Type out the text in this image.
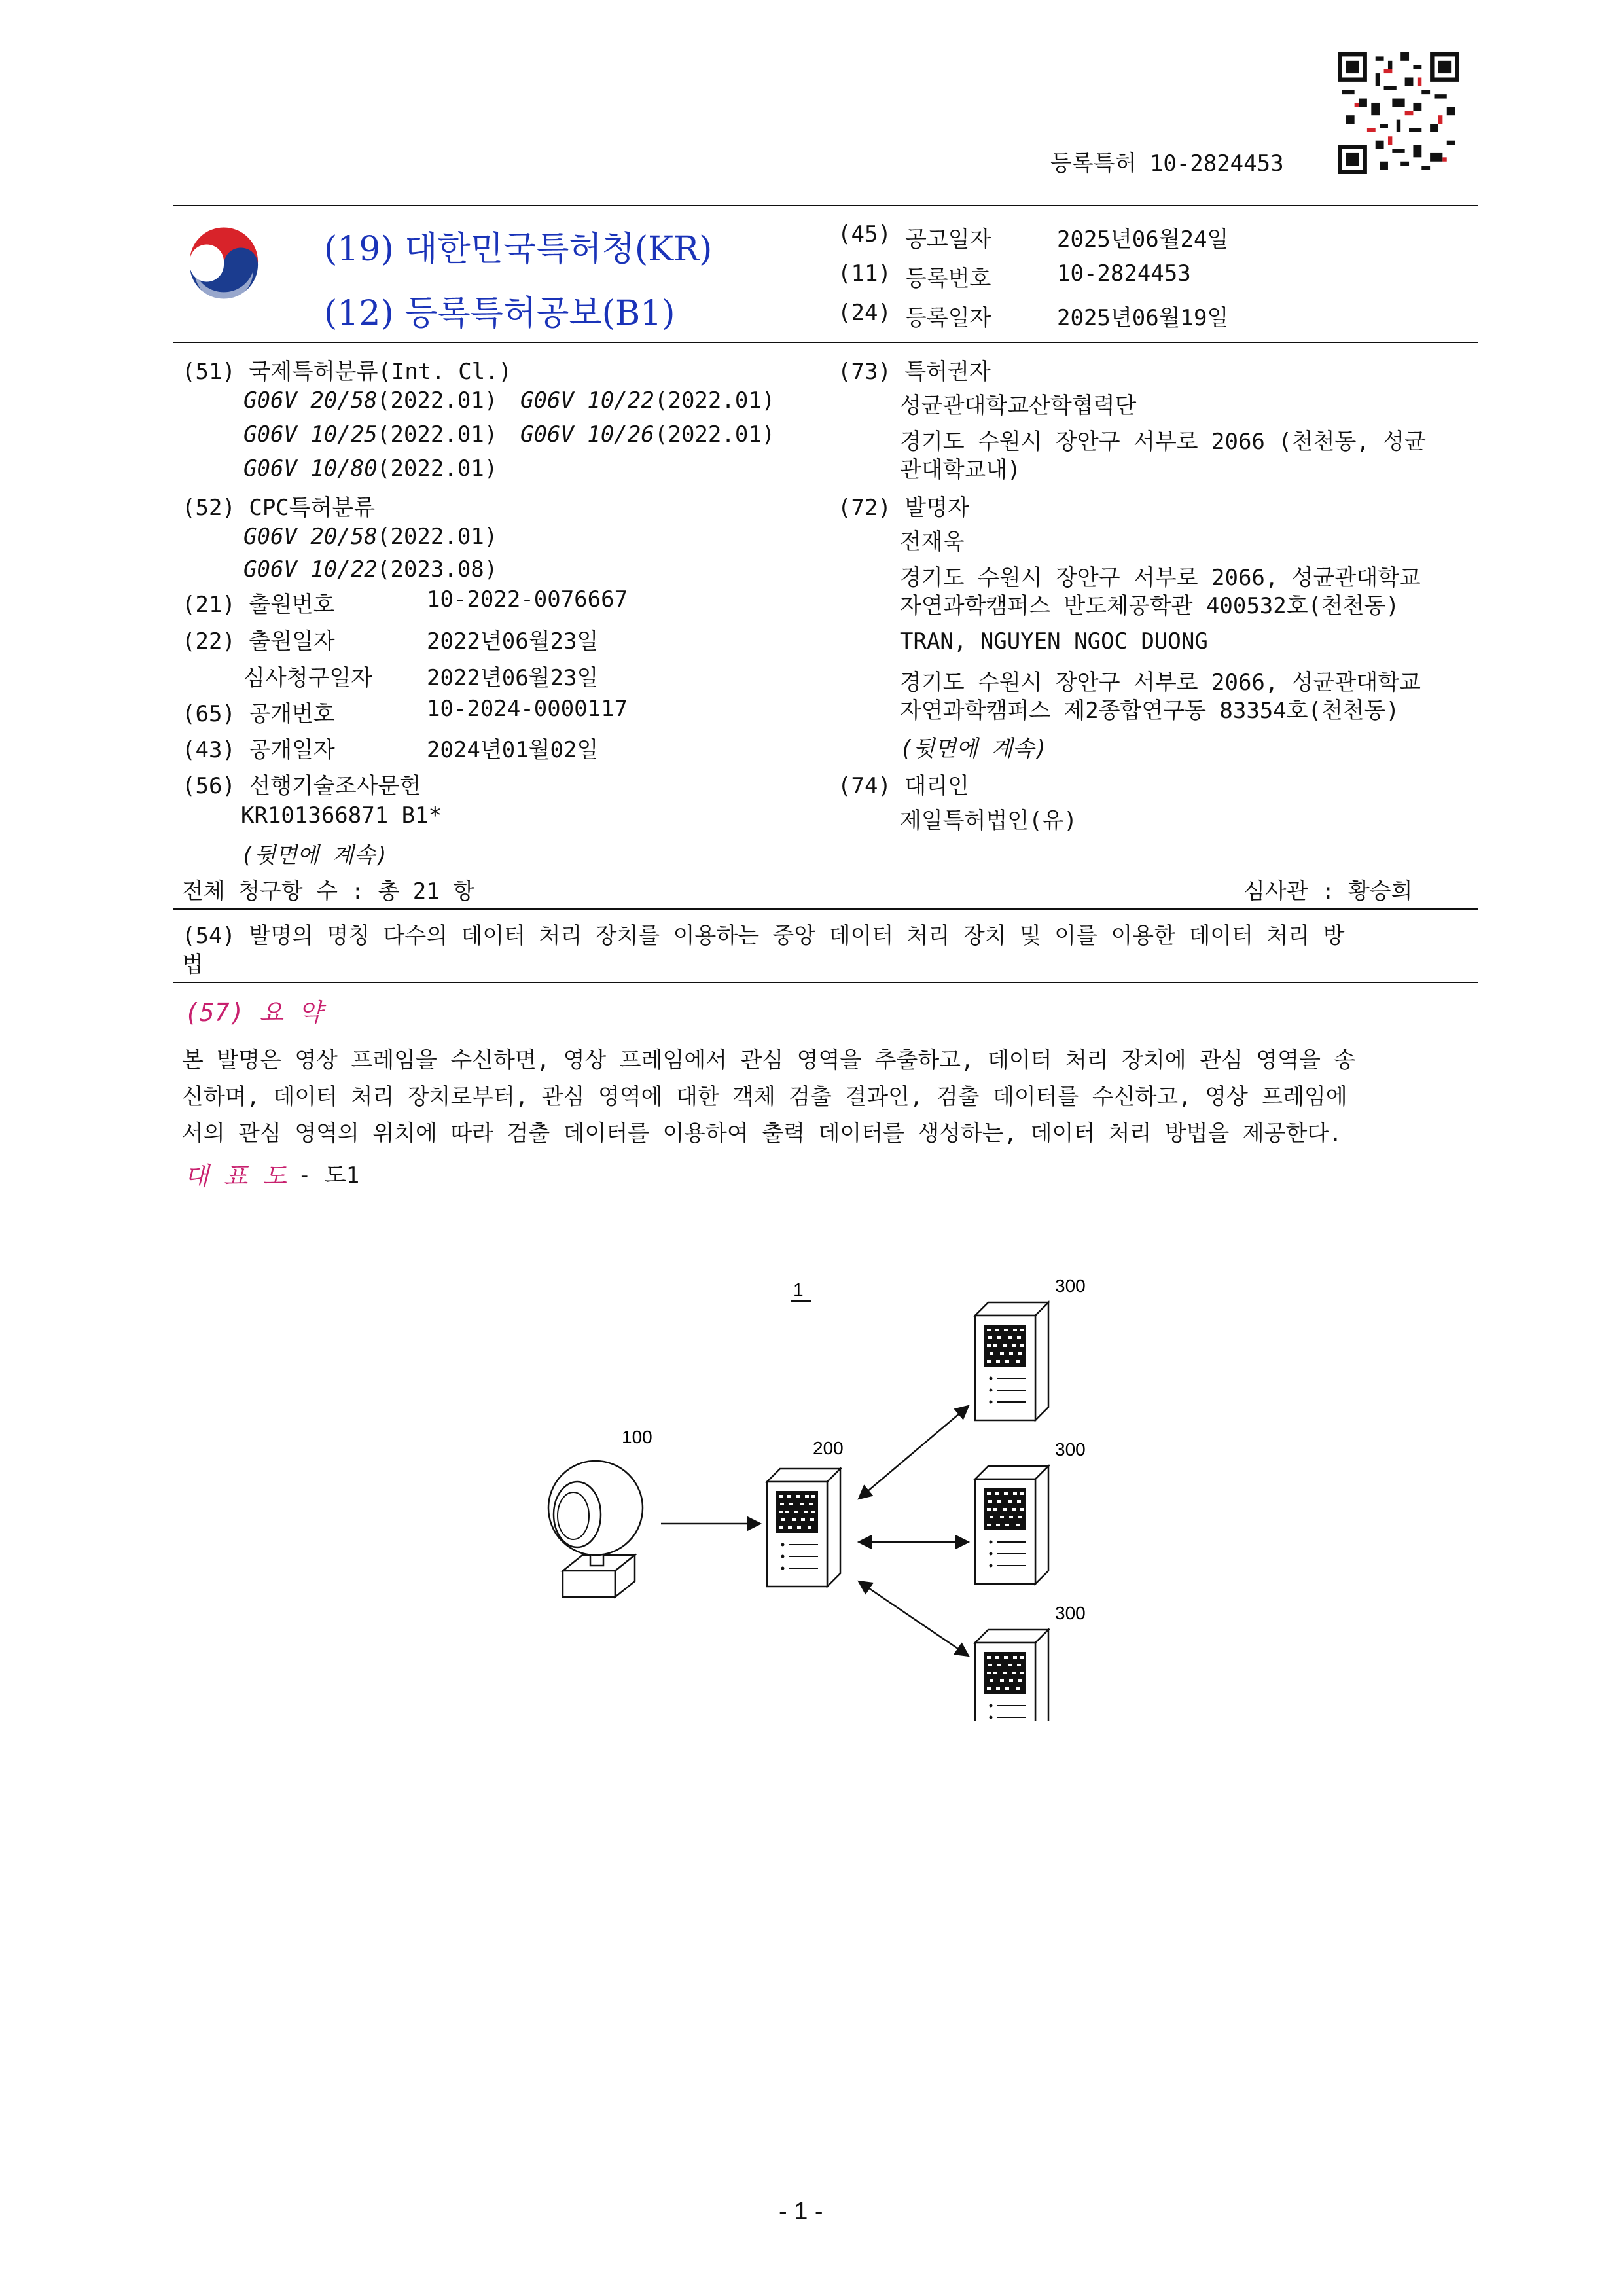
등록특허 10-2824453
(19) 대한민국특허청(KR)
(12) 등록특허공보(B1)
(45) 공고일자	2025년06월24일
(11) 등록번호	10-2824453
(24) 등록일자	2025년06월19일
(51) 국제특허분류(Int. Cl.)
G06V 20/58 (2022.01) G06V 10/22 (2022.01)
G06V 10/25 (2022.01) G06V 10/26 (2022.01)
G06V 10/80 (2022.01)
(52) CPC특허분류
G06V 20/58 (2022.01)
G06V 10/22 (2023.08)
(21) 출원번호	10-2022-0076667
(22) 출원일자	2022년06월23일
심사청구일자 2022년06월23일
(65) 공개번호	10-2024-0000117
(43) 공개일자	2024년01월02일
(56) 선행기술조사문헌
KR101366871 B1*
(뒷면에 계속)
(73) 특허권자
성균관대학교산학협력단
경기도 수원시 장안구 서부로 2066 (천천동, 성균
관대학교내)
(72) 발명자
전재욱
경기도 수원시 장안구 서부로 2066, 성균관대학교
자연과학캠퍼스 반도체공학관 400532호(천천동)
TRAN, NGUYEN NGOC DUONG
경기도 수원시 장안구 서부로 2066, 성균관대학교
자연과학캠퍼스 제2종합연구동 83354호(천천동)
(뒷면에 계속)
(74) 대리인
제일특허법인(유)
전체 청구항 수 : 총 21 항	심사관 : 황승희
(54) 발명의 명칭 다수의 데이터 처리 장치를 이용하는 중앙 데이터 처리 장치 및 이를 이용한 데이터 처리 방
법
(57) 요 약
본 발명은 영상 프레임을 수신하면, 영상 프레임에서 관심 영역을 추출하고, 데이터 처리 장치에 관심 영역을 송
신하며, 데이터 처리 장치로부터, 관심 영역에 대한 객체 검출 결과인, 검출 데이터를 수신하고, 영상 프레임에
서의 관심 영역의 위치에 따라 검출 데이터를 이용하여 출력 데이터를 생성하는, 데이터 처리 방법을 제공한다.
대 표 도 - 도1
1
100
200
300
300
300
- 1 -
